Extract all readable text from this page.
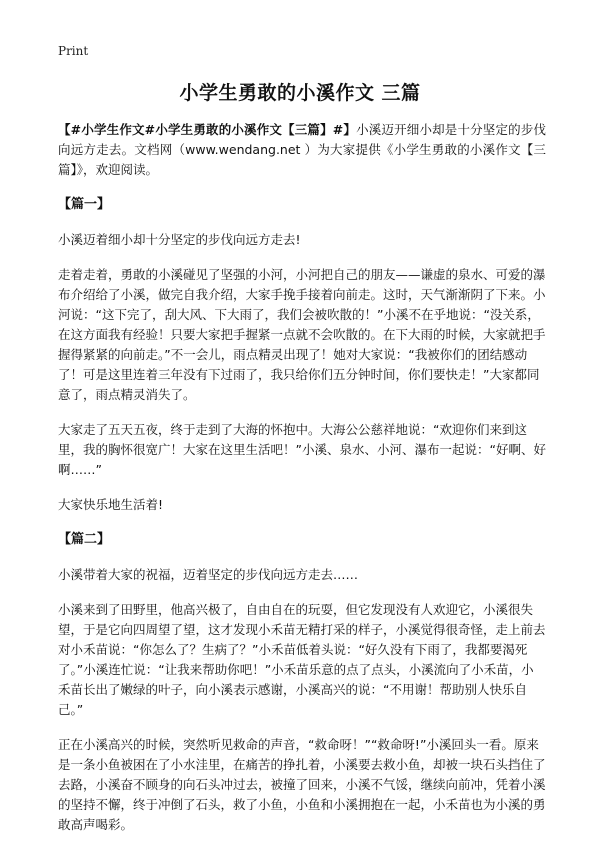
Print
小学生勇敢的小溪作文 三篇

【#小学生作文#小学生勇敢的小溪作文【三篇】#】小溪迈开细小却是十分坚定的步伐向远方走去。文档网（www.wendang.net ）为大家提供《小学生勇敢的小溪作文【三篇】》，欢迎阅读。

【篇一】

小溪迈着细小却十分坚定的步伐向远方走去!

走着走着，勇敢的小溪碰见了坚强的小河，小河把自己的朋友——谦虚的泉水、可爱的瀑布介绍给了小溪，做完自我介绍，大家手挽手接着向前走。这时，天气渐渐阴了下来。小河说：“这下完了，刮大风、下大雨了，我们会被吹散的！”小溪不在乎地说：“没关系，在这方面我有经验！只要大家把手握紧一点就不会吹散的。在下大雨的时候，大家就把手握得紧紧的向前走。”不一会儿，雨点精灵出现了！她对大家说：“我被你们的团结感动了！可是这里连着三年没有下过雨了，我只给你们五分钟时间，你们要快走！”大家都同意了，雨点精灵消失了。

大家走了五天五夜，终于走到了大海的怀抱中。大海公公慈祥地说：“欢迎你们来到这里，我的胸怀很宽广！大家在这里生活吧！”小溪、泉水、小河、瀑布一起说：“好啊、好啊……”

大家快乐地生活着!

【篇二】

小溪带着大家的祝福，迈着坚定的步伐向远方走去……

小溪来到了田野里，他高兴极了，自由自在的玩耍，但它发现没有人欢迎它，小溪很失望，于是它向四周望了望，这才发现小禾苗无精打采的样子，小溪觉得很奇怪，走上前去对小禾苗说：“你怎么了？生病了？”小禾苗低着头说：“好久没有下雨了，我都要渴死了。”小溪连忙说：“让我来帮助你吧！”小禾苗乐意的点了点头，小溪流向了小禾苗，小禾苗长出了嫩绿的叶子，向小溪表示感谢，小溪高兴的说：“不用谢！帮助别人快乐自己。”

正在小溪高兴的时候，突然听见救命的声音，“救命呀！”“救命呀!”小溪回头一看。原来是一条小鱼被困在了小水洼里，在痛苦的挣扎着，小溪要去救小鱼，却被一块石头挡住了去路，小溪奋不顾身的向石头冲过去，被撞了回来，小溪不气馁，继续向前冲，凭着小溪的坚持不懈，终于冲倒了石头，救了小鱼，小鱼和小溪拥抱在一起，小禾苗也为小溪的勇敢高声喝彩。
